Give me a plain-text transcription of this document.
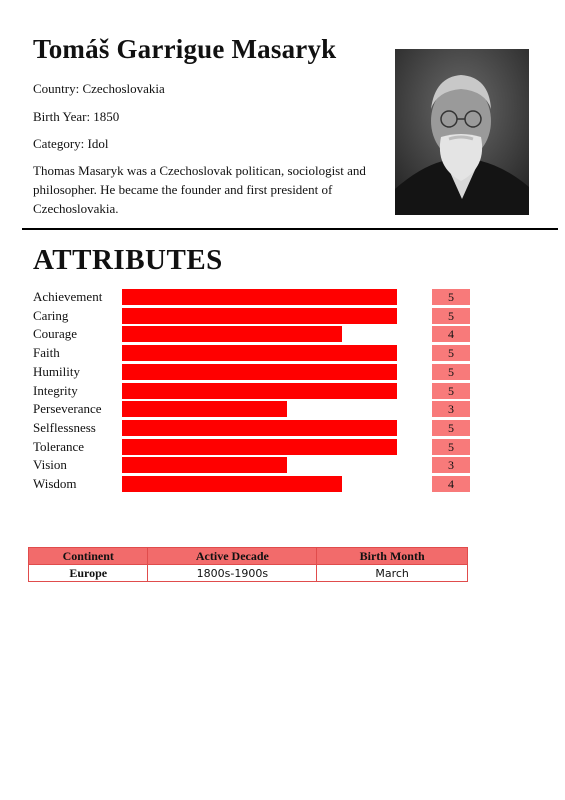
Tomáš Garrigue Masaryk
Country: Czechoslovakia
Birth Year: 1850
Category: Idol
Thomas Masaryk was a Czechoslovak politican, sociologist and philosopher. He became the founder and first president of Czechoslovakia.
ATTRIBUTES
Achievement	5
Caring	5
Courage	4
Faith	5
Humility	5
Integrity	5
Perseverance	3
Selflessness	5
Tolerance	5
Vision	3
Wisdom	4
Continent	Active Decade	Birth Month
Europe	1800s-1900s	March
